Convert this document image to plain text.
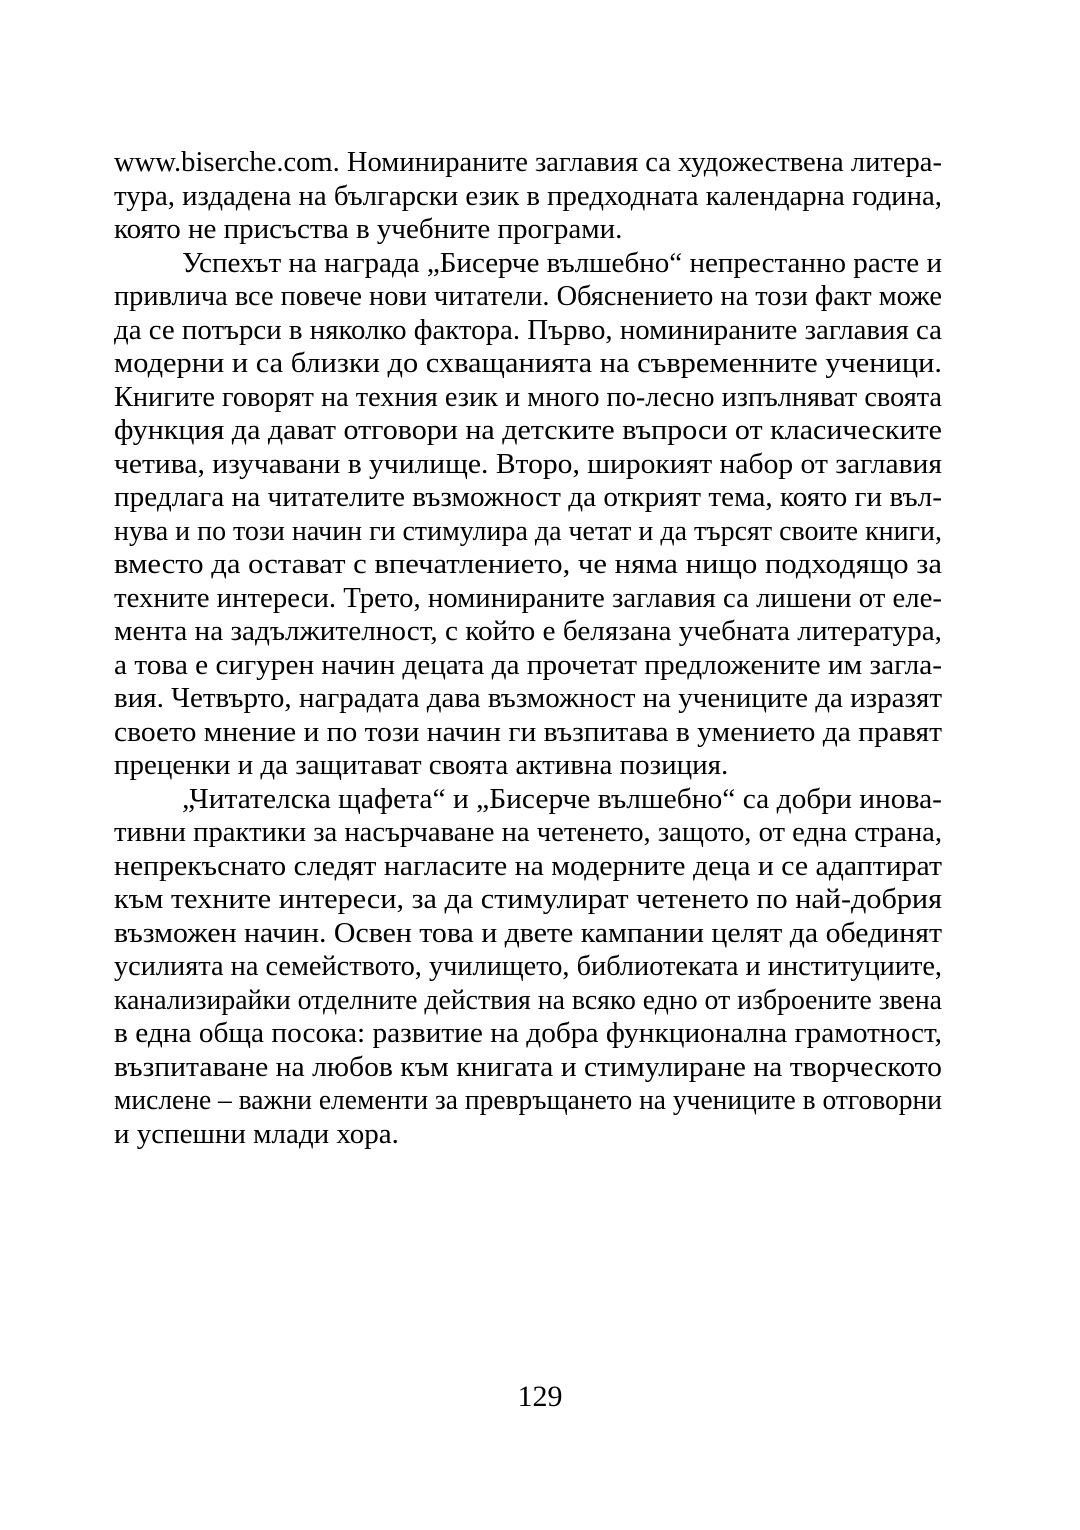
www.biserche.com. Номинираните заглавия са художествена литера-
тура, издадена на български език в предходната календарна година,
която не присъства в учебните програми.
Успехът на награда „Бисерче вълшебно“ непрестанно расте и
привлича все повече нови читатели. Обяснението на този факт може
да се потърси в няколко фактора. Първо, номинираните заглавия са
модерни и са близки до схващанията на съвременните ученици.
Книгите говорят на техния език и много по-лесно изпълняват своята
функция да дават отговори на детските въпроси от класическите
четива, изучавани в училище. Второ, широкият набор от заглавия
предлага на читателите възможност да открият тема, която ги въл-
нува и по този начин ги стимулира да четат и да търсят своите книги,
вместо да остават с впечатлението, че няма нищо подходящо за
техните интереси. Трето, номинираните заглавия са лишени от еле-
мента на задължителност, с който е белязана учебната литература,
а това е сигурен начин децата да прочетат предложените им загла-
вия. Четвърто, наградата дава възможност на учениците да изразят
своето мнение и по този начин ги възпитава в умението да правят
преценки и да защитават своята активна позиция.
„Читателска щафета“ и „Бисерче вълшебно“ са добри инова-
тивни практики за насърчаване на четенето, защото, от една страна,
непрекъснато следят нагласите на модерните деца и се адаптират
към техните интереси, за да стимулират четенето по най-добрия
възможен начин. Освен това и двете кампании целят да обединят
усилията на семейството, училището, библиотеката и институциите,
канализирайки отделните действия на всяко едно от изброените звена
в една обща посока: развитие на добра функционална грамотност,
възпитаване на любов към книгата и стимулиране на творческото
мислене – важни елементи за превръщането на учениците в отговорни
и успешни млади хора.
129
